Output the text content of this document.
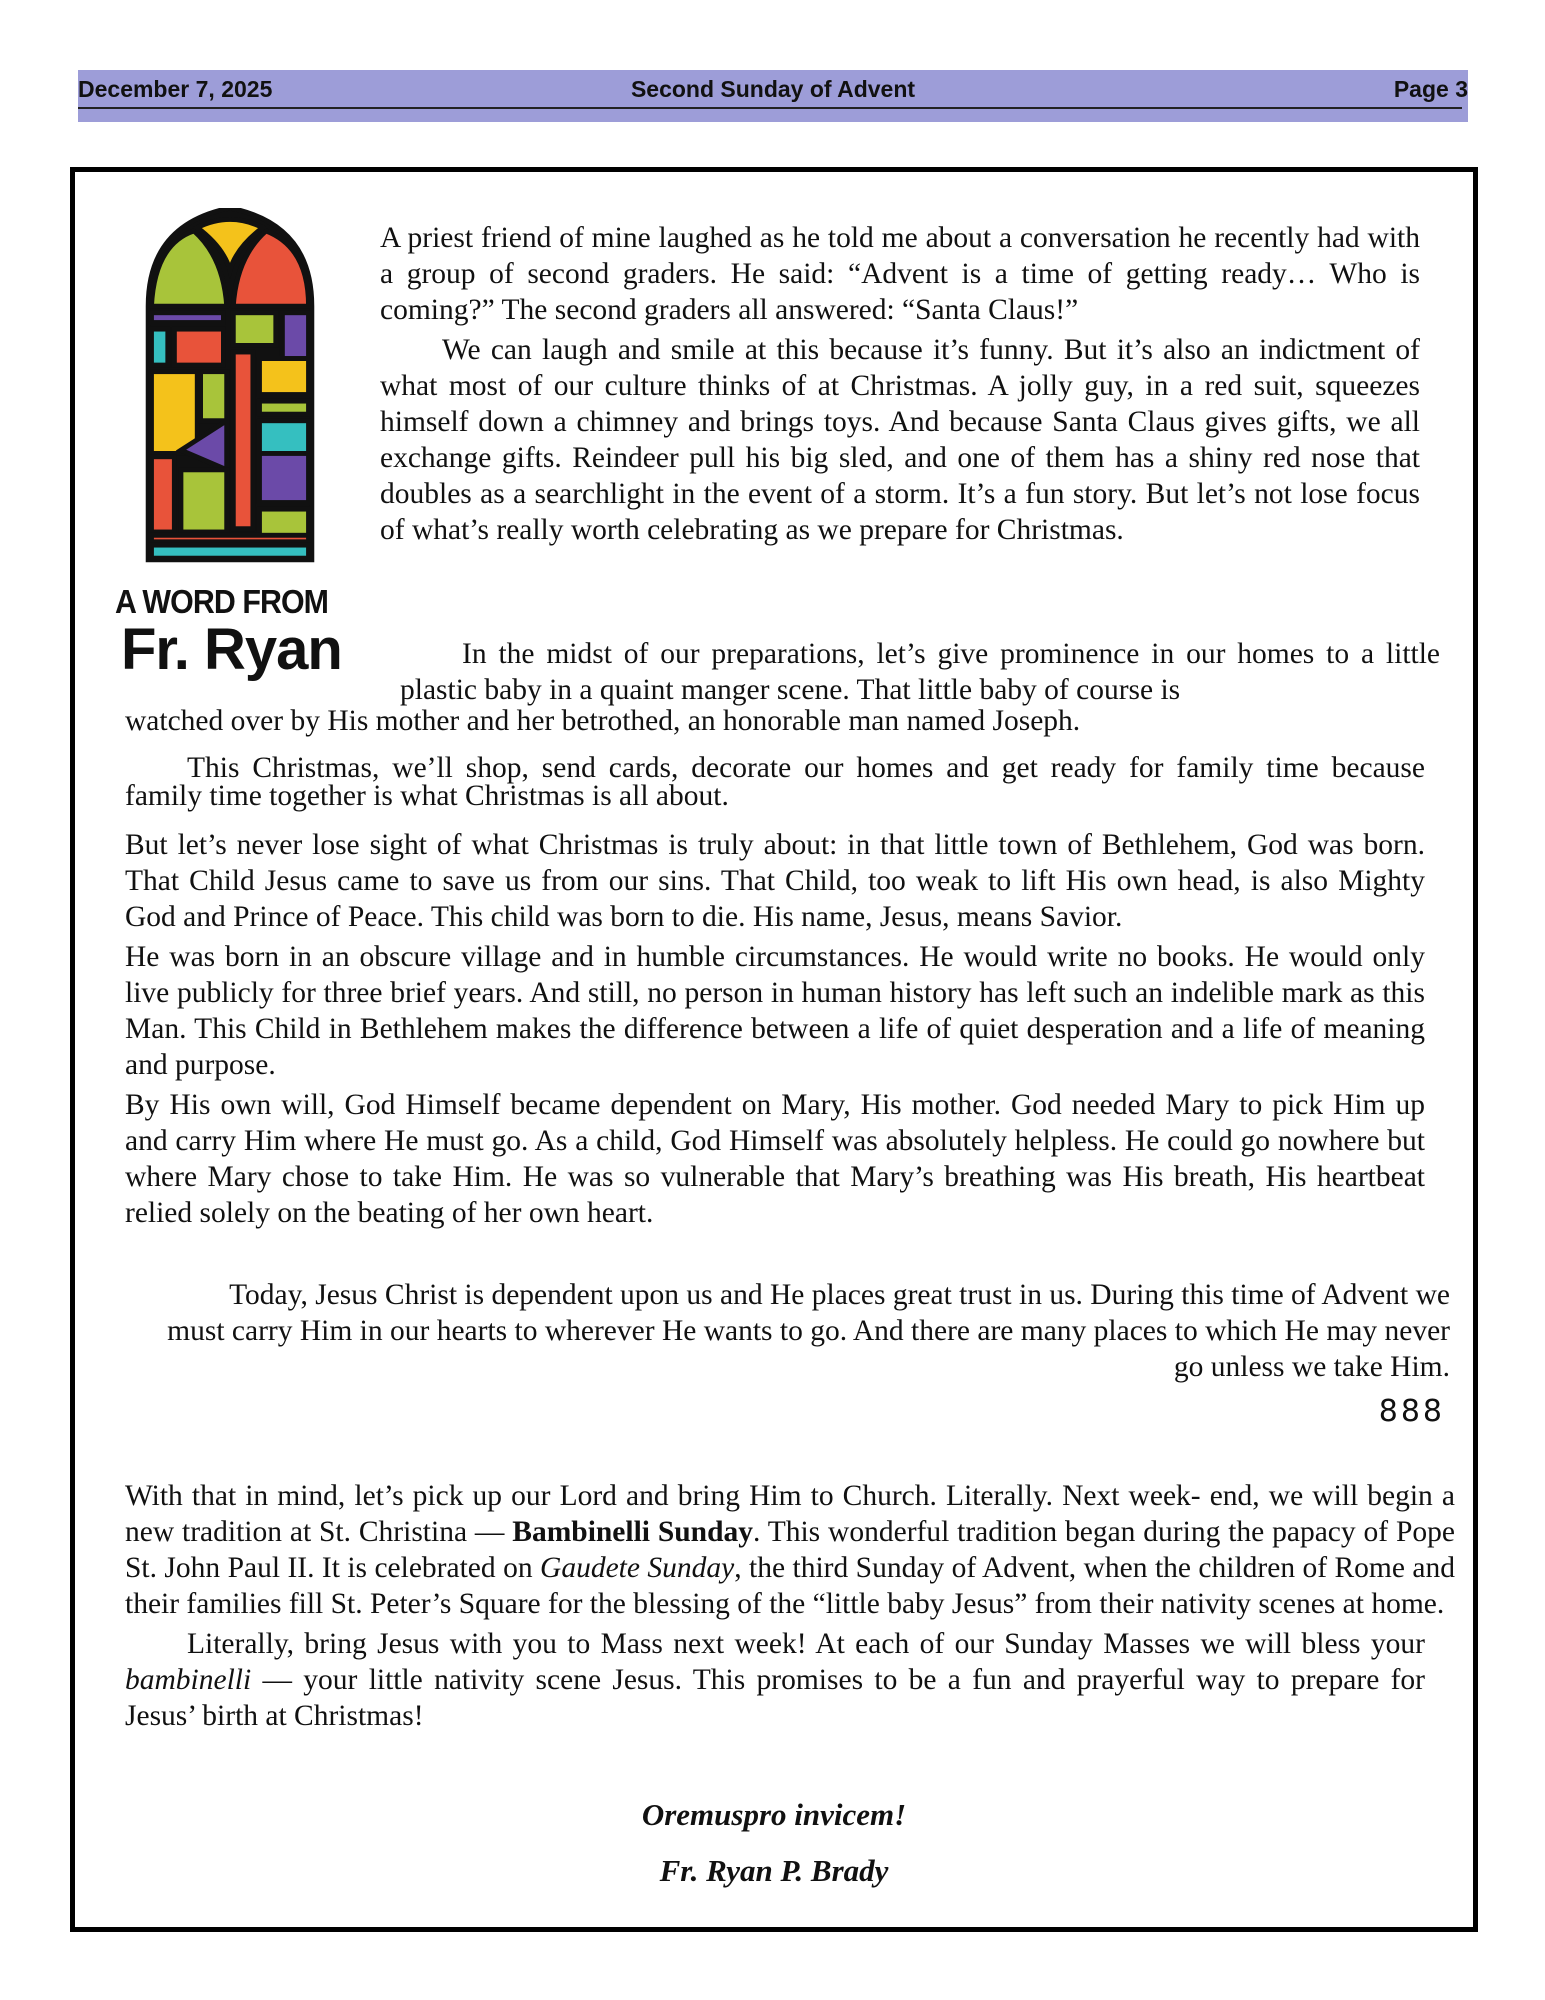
December 7, 2025	Second Sunday of Advent	Page 3
A WORD FROM
Fr. Ryan

A priest friend of mine laughed as he told me about a conversation he recently had with a group of second graders. He said: “Advent is a time of getting ready… Who is coming?” The second graders all answered: “Santa Claus!”

We can laugh and smile at this because it’s funny. But it’s also an indictment of what most of our culture thinks of at Christmas. A jolly guy, in a red suit, squeezes himself down a chimney and brings toys. And because Santa Claus gives gifts, we all exchange gifts. Reindeer pull his big sled, and one of them has a shiny red nose that doubles as a searchlight in the event of a storm. It’s a fun story. But let’s not lose focus of what’s really worth celebrating as we prepare for Christmas.

In the midst of our preparations, let’s give prominence in our homes to a little plastic baby in a quaint manger scene. That little baby of course is
watched over by His mother and her betrothed, an honorable man named Joseph.

This Christmas, we’ll shop, send cards, decorate our homes and get ready for family time because family time together is what Christmas is all about.

But let’s never lose sight of what Christmas is truly about: in that little town of Bethlehem, God was born. That Child Jesus came to save us from our sins. That Child, too weak to lift His own head, is also Mighty God and Prince of Peace. This child was born to die. His name, Jesus, means Savior.

He was born in an obscure village and in humble circumstances. He would write no books. He would only live publicly for three brief years. And still, no person in human history has left such an indelible mark as this Man. This Child in Bethlehem makes the difference between a life of quiet desperation and a life of meaning and purpose.

By His own will, God Himself became dependent on Mary, His mother. God needed Mary to pick Him up and carry Him where He must go. As a child, God Himself was absolutely helpless. He could go nowhere but where Mary chose to take Him. He was so vulnerable that Mary’s breathing was His breath, His heartbeat relied solely on the beating of her own heart.

Today, Jesus Christ is dependent upon us and He places great trust in us. During this time of Advent we must carry Him in our hearts to wherever He wants to go. And there are many places to which He may never go unless we take Him.
888

With that in mind, let’s pick up our Lord and bring Him to Church. Literally. Next week- end, we will begin a new tradition at St. Christina — Bambinelli Sunday. This wonderful tradition began during the papacy of Pope St. John Paul II. It is celebrated on Gaudete Sunday, the third Sunday of Advent, when the children of Rome and their families fill St. Peter’s Square for the blessing of the “little baby Jesus” from their nativity scenes at home.

Literally, bring Jesus with you to Mass next week! At each of our Sunday Masses we will bless your bambinelli — your little nativity scene Jesus. This promises to be a fun and prayerful way to prepare for Jesus’ birth at Christmas!

Oremuspro invicem!
Fr. Ryan P. Brady
